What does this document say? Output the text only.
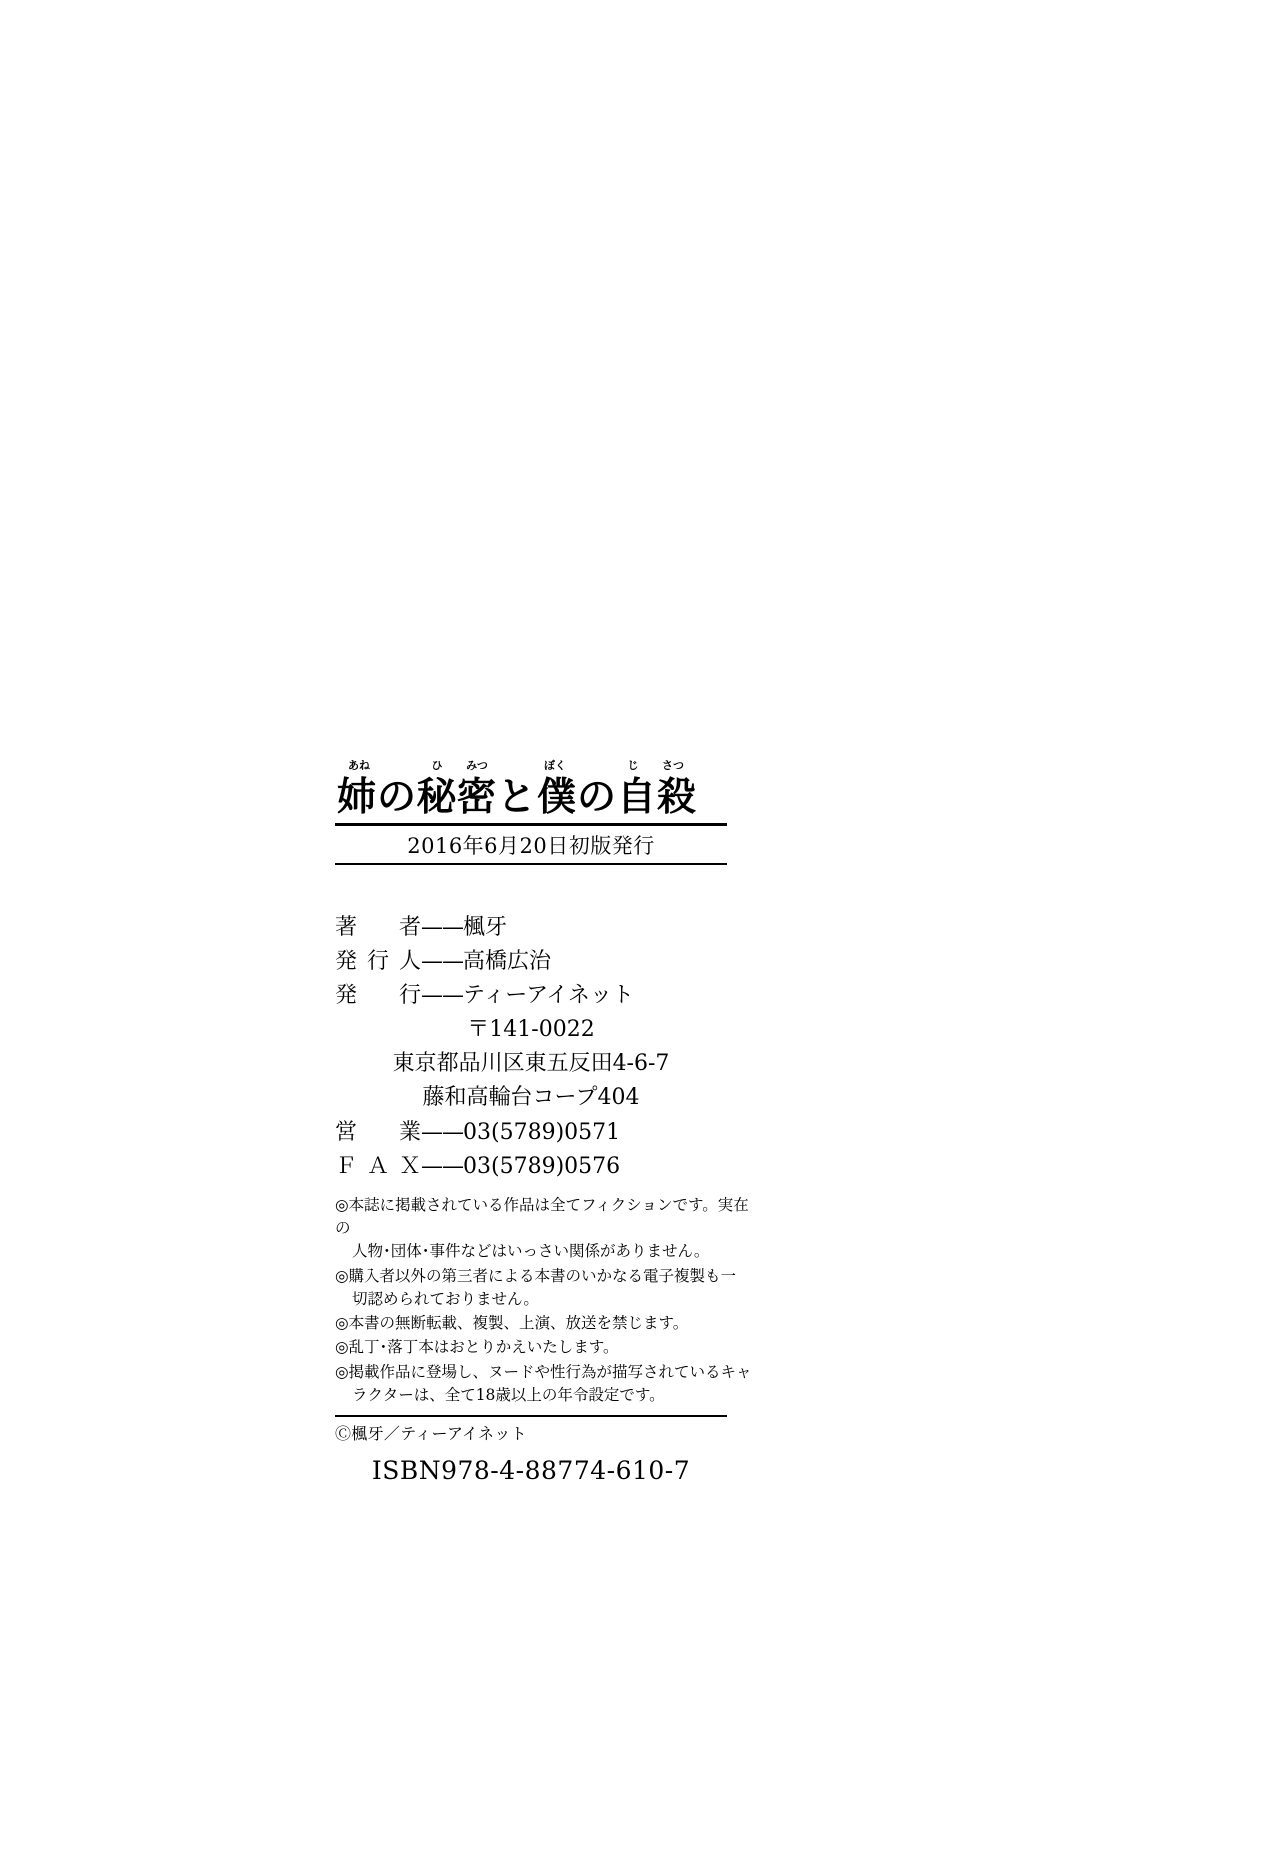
あね	ひ みつ	ぼく	じ さつ
姉の秘密と僕の自殺
2016年6月20日初版発行
著　者——楓牙
発行人——高橋広治
発　行——ティーアイネット
〒141-0022
東京都品川区東五反田4-6-7
藤和高輪台コープ404
営　業——03(5789)0571
ＦＡＸ——03(5789)0576
◎本誌に掲載されている作品は全てフィクションです。実在の
人物･団体･事件などはいっさい関係がありません。
◎購入者以外の第三者による本書のいかなる電子複製も一
切認められておりません。
◎本書の無断転載、複製、上演、放送を禁じます。
◎乱丁･落丁本はおとりかえいたします。
◎掲載作品に登場し、ヌードや性行為が描写されているキャ
ラクターは、全て18歳以上の年令設定です。
Ⓒ楓牙／ティーアイネット
ISBN978-4-88774-610-7
